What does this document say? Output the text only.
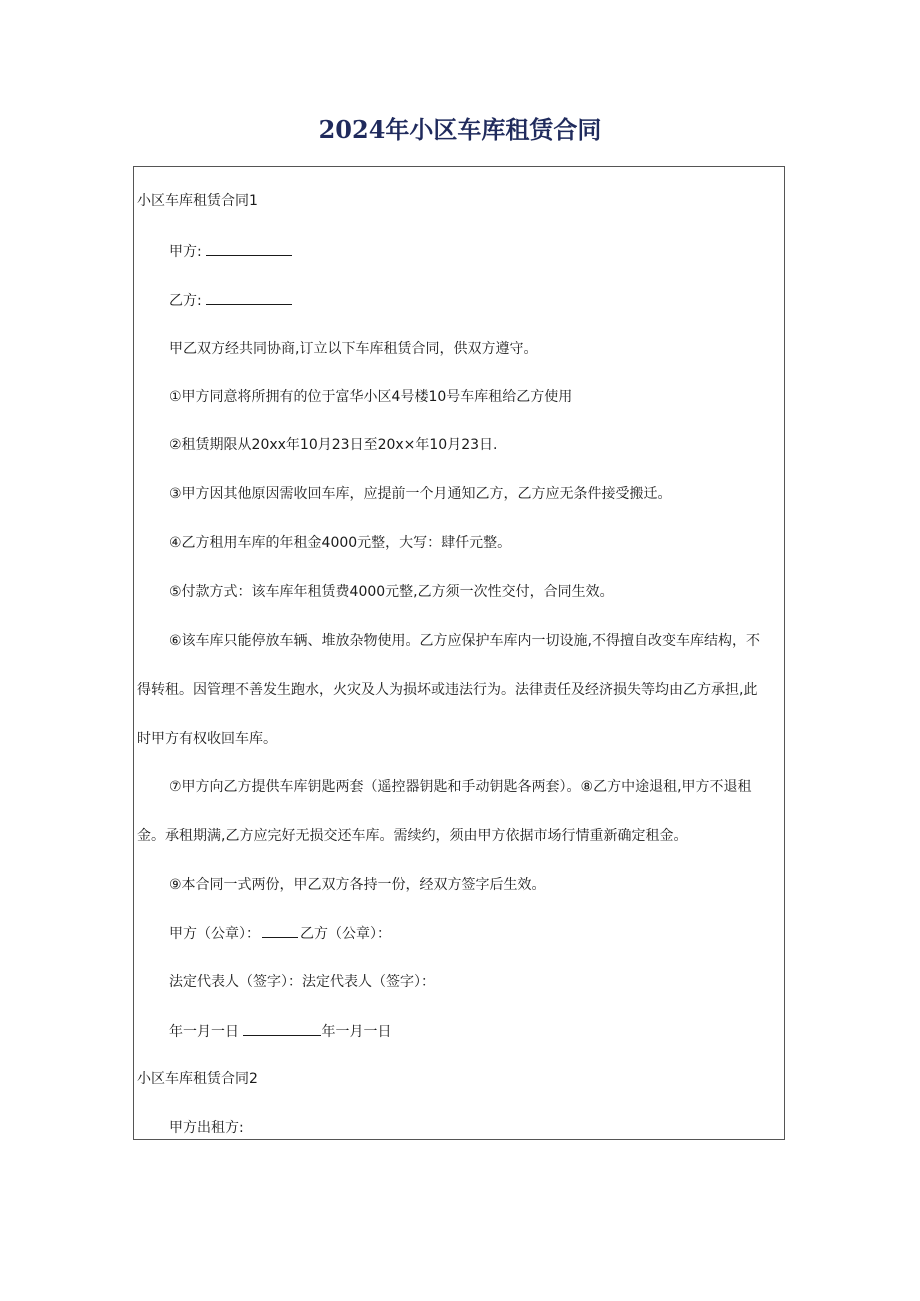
2024年小区车库租赁合同

小区车库租赁合同1

甲方:

乙方:

甲乙双方经共同协商,订立以下车库租赁合同，供双方遵守。

①甲方同意将所拥有的位于富华小区4号楼10号车库租给乙方使用

②租赁期限从20xx年10月23日至20x×年10月23日.

③甲方因其他原因需收回车库，应提前一个月通知乙方，乙方应无条件接受搬迁。

④乙方租用车库的年租金4000元整，大写：肆仟元整。

⑤付款方式：该车库年租赁费4000元整,乙方须一次性交付，合同生效。

⑥该车库只能停放车辆、堆放杂物使用。乙方应保护车库内一切设施,不得擅自改变车库结构，不

得转租。因管理不善发生跑水，火灾及人为损坏或违法行为。法律责任及经济损失等均由乙方承担,此

时甲方有权收回车库。

⑦甲方向乙方提供车库钥匙两套（遥控器钥匙和手动钥匙各两套）。⑧乙方中途退租,甲方不退租

金。承租期满,乙方应完好无损交还车库。需续约，须由甲方依据市场行情重新确定租金。

⑨本合同一式两份，甲乙双方各持一份，经双方签字后生效。

甲方（公章）：	乙方（公章）：

法定代表人（签字）：法定代表人（签字）：

年一月一日	年一月一日

小区车库租赁合同2

甲方出租方:
